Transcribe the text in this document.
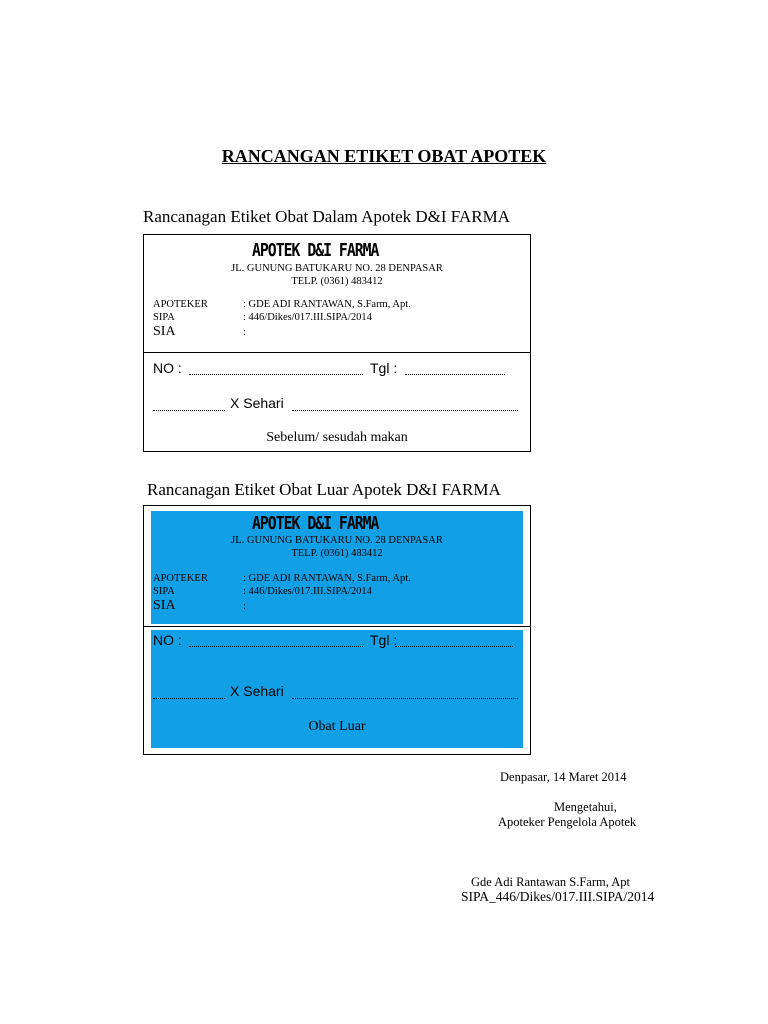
RANCANGAN ETIKET OBAT APOTEK
Rancanagan Etiket Obat Dalam Apotek D&I FARMA
APOTEK D&I FARMA
JL. GUNUNG BATUKARU NO. 28 DENPASAR
TELP. (0361) 483412
APOTEKER	: GDE ADI RANTAWAN, S.Farm, Apt.
SIPA	: 446/Dikes/017.III.SIPA/2014
SIA	:
NO :	Tgl :
X Sehari
Sebelum/ sesudah makan
Rancanagan Etiket Obat Luar Apotek D&I FARMA
APOTEK D&I FARMA
JL. GUNUNG BATUKARU NO. 28 DENPASAR
TELP. (0361) 483412
APOTEKER	: GDE ADI RANTAWAN, S.Farm, Apt.
SIPA	: 446/Dikes/017.III.SIPA/2014
SIA	:
NO :	Tgl :
X Sehari
Obat Luar
Denpasar, 14 Maret 2014
Mengetahui,
Apoteker Pengelola Apotek
Gde Adi Rantawan S.Farm, Apt
SIPA_446/Dikes/017.III.SIPA/2014
